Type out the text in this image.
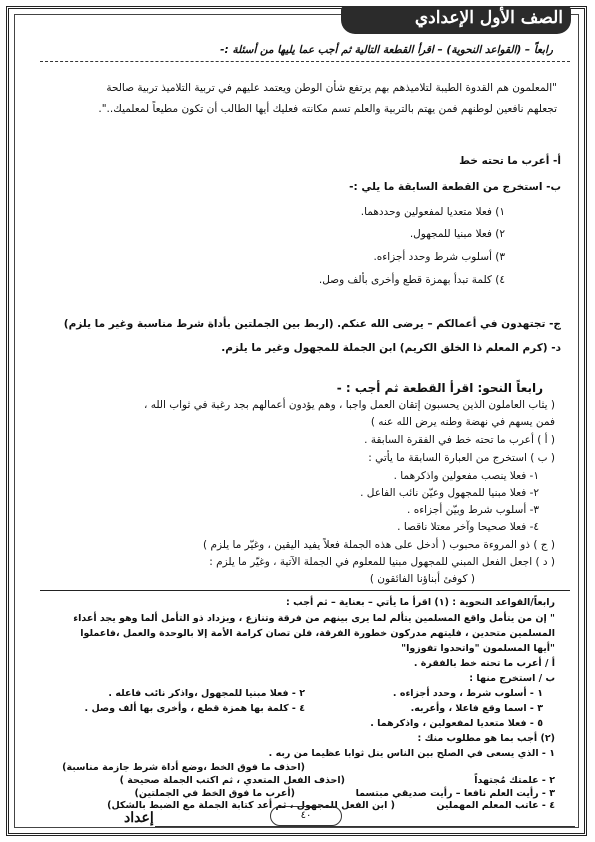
الصف الأول الإعدادي
رابعاً – (القواعد النحوية) – اقرأ القطعة التالية ثم أجب عما يليها من أسئلة :-
"المعلمون هم القدوة الطيبة لتلاميذهم بهم يرتفع شأن الوطن ويعتمد عليهم في تربية التلاميذ تربية صالحة
تجعلهم نافعين لوطنهم فمن يهتم بالتربية والعلم تسم مكانته فعليك أيها الطالب أن تكون مطيعاً لمعلميك..".
أ- أعرب ما تحته خط
ب- استخرج من القطعة السابقة ما يلي :-
١) فعلا متعديا لمفعولين وحددهما.
٢) فعلا مبنيا للمجهول.
٣) أسلوب شرط وحدد أجزاءه.
٤) كلمة تبدأ بهمزة قطع وأخرى بألف وصل.
ج- تجتهدون في أعمالكم – يرضى الله عنكم. (اربط بين الجملتين بأداة شرط مناسبة وغير ما يلزم)
د- (كرم المعلم ذا الخلق الكريم) ابن الجملة للمجهول وغير ما يلزم.
رابعاً النحو: اقرأ القطعة ثم أجب : -
( يثاب العاملون الذين يحسبون إتقان العمل واجبا ، وهم يؤدون أعمالهم بجد رغبة في ثواب الله ،
فمن يسهم في نهضة وطنه يرض الله عنه )
( أ ) أعرب ما تحته خط في الفقرة السابقة .
( ب ) استخرج من العبارة السابقة ما يأتي :
١- فعلا ينصب مفعولين واذكرهما .
٢- فعلا مبنيا للمجهول وعيّن نائب الفاعل .
٣- أسلوب شرط وبيّن أجزاءه .
٤- فعلا صحيحا وآخر معتلا ناقصا .
( ج ) ذو المروءة محبوب ( أدخل على هذه الجملة فعلاً يفيد اليقين ، وغيّر ما يلزم )
( د ) اجعل الفعل المبني للمجهول مبنيا للمعلوم في الجملة الآتية ، وغيّر ما يلزم :
( كوفئ أبناؤنا الفائقون )
رابعاً/القواعد النحوية : (١) اقرأ ما يأتي – بعناية – ثم أجب :
" إن من يتأمل واقع المسلمين يتألم لما يرى بينهم من فرقة وتنازع ، ويزداد ذو التأمل ألما وهو يجد أعداء
المسلمين متحدين ، فليتهم مدركون خطورة الفرقة، فلن تصان كرامة الأمة إلا بالوحدة والعمل ،فاعملوا
"أيها المسلمون "واتحدوا تفوزوا"
أ / أعرب ما تحته خط بالفقرة .
ب / استخرج منها :
١ - أسلوب شرط ، وحدد أجزاءه .
٢ - فعلا مبنيا للمجهول ،واذكر نائب فاعله .
٣ - اسما وقع فاعلا ، وأعربه.
٤ - كلمة بها همزة قطع ، وأخرى بها ألف وصل .
٥ - فعلا متعديا لمفعولين ، واذكرهما .
(٢) أجب بما هو مطلوب منك :
١ - الذي يسعى في الصلح بين الناس ينل ثوابا عظيما من ربه .
(احذف ما فوق الخط ،وضع أداة شرط جازمة مناسبة)
٢ - علمتك مُجتهداً
(احذف الفعل المتعدي ، ثم اكتب الجملة صحيحة )
٣ - رأيت العلم نافعا – رأيت صديقي مبتسما
(أعرب ما فوق الخط في الجملتين)
٤ - عاتب المعلم المهملين
( ابن الفعل للمجهول ، ثم أعد كتابة الجملة مع الضبط بالشكل)
٤٠
إعداد
